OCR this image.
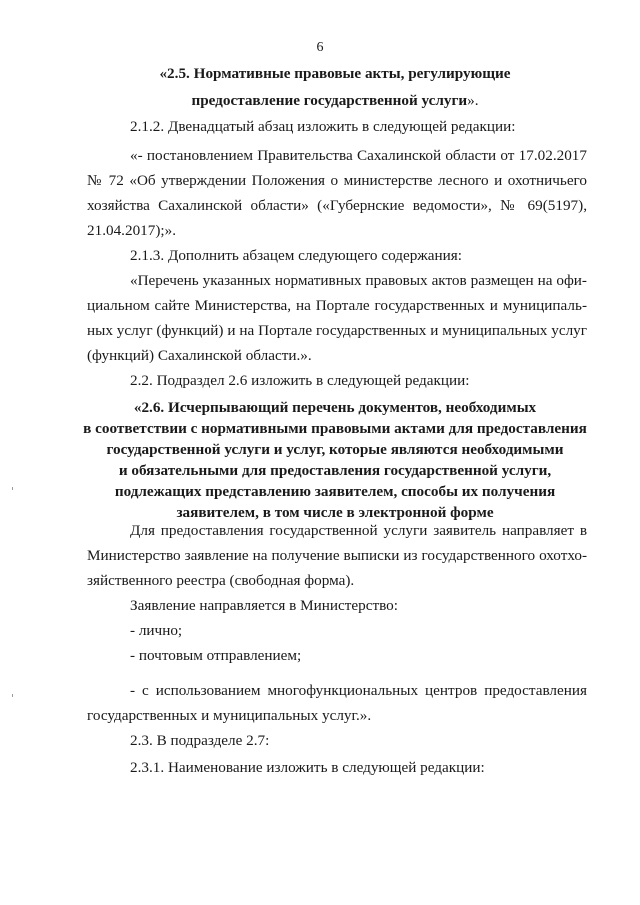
6
«2.5. Нормативные правовые акты, регулирующие
предоставление государственной услуги».
2.1.2. Двенадцатый абзац изложить в следующей редакции:
«- постановлением Правительства Сахалинской области от 17.02.2017
№ 72 «Об утверждении Положения о министерстве лесного и охотничьего
хозяйства Сахалинской области» («Губернские ведомости», № 69(5197),
21.04.2017);».
2.1.3. Дополнить абзацем следующего содержания:
«Перечень указанных нормативных правовых актов размещен на офи-
циальном сайте Министерства, на Портале государственных и муниципаль-
ных услуг (функций) и на Портале государственных и муниципальных услуг
(функций) Сахалинской области.».
2.2. Подраздел 2.6 изложить в следующей редакции:
«2.6. Исчерпывающий перечень документов, необходимых
в соответствии с нормативными правовыми актами для предоставления
государственной услуги и услуг, которые являются необходимыми
и обязательными для предоставления государственной услуги,
подлежащих представлению заявителем, способы их получения
заявителем, в том числе в электронной форме
Для предоставления государственной услуги заявитель направляет в
Министерство заявление на получение выписки из государственного охотхо-
зяйственного реестра (свободная форма).
Заявление направляется в Министерство:
- лично;
- почтовым отправлением;
- с использованием многофункциональных центров предоставления
государственных и муниципальных услуг.».
2.3. В подразделе 2.7:
2.3.1. Наименование изложить в следующей редакции:
